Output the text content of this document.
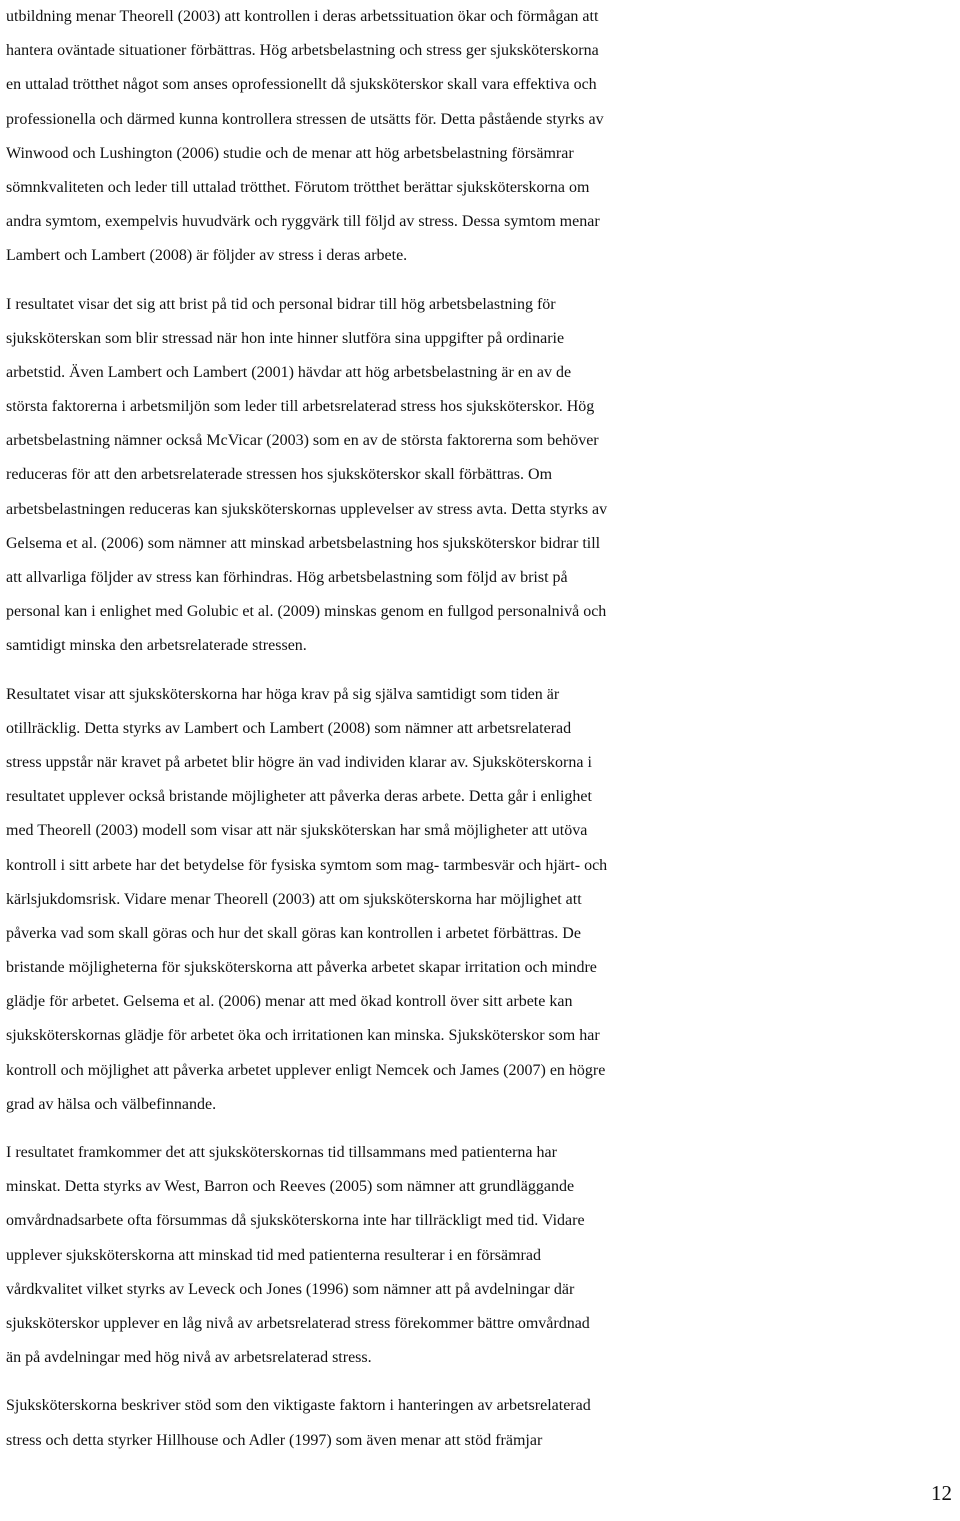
utbildning menar Theorell (2003) att kontrollen i deras arbetssituation ökar och förmågan att
hantera oväntade situationer förbättras. Hög arbetsbelastning och stress ger sjuksköterskorna
en uttalad trötthet något som anses oprofessionellt då sjuksköterskor skall vara effektiva och
professionella och därmed kunna kontrollera stressen de utsätts för. Detta påstående styrks av
Winwood och Lushington (2006) studie och de menar att hög arbetsbelastning försämrar
sömnkvaliteten och leder till uttalad trötthet. Förutom trötthet berättar sjuksköterskorna om
andra symtom, exempelvis huvudvärk och ryggvärk till följd av stress. Dessa symtom menar
Lambert och Lambert (2008) är följder av stress i deras arbete.
I resultatet visar det sig att brist på tid och personal bidrar till hög arbetsbelastning för
sjuksköterskan som blir stressad när hon inte hinner slutföra sina uppgifter på ordinarie
arbetstid. Även Lambert och Lambert (2001) hävdar att hög arbetsbelastning är en av de
största faktorerna i arbetsmiljön som leder till arbetsrelaterad stress hos sjuksköterskor. Hög
arbetsbelastning nämner också McVicar (2003) som en av de största faktorerna som behöver
reduceras för att den arbetsrelaterade stressen hos sjuksköterskor skall förbättras. Om
arbetsbelastningen reduceras kan sjuksköterskornas upplevelser av stress avta. Detta styrks av
Gelsema et al. (2006) som nämner att minskad arbetsbelastning hos sjuksköterskor bidrar till
att allvarliga följder av stress kan förhindras. Hög arbetsbelastning som följd av brist på
personal kan i enlighet med Golubic et al. (2009) minskas genom en fullgod personalnivå och
samtidigt minska den arbetsrelaterade stressen.
Resultatet visar att sjuksköterskorna har höga krav på sig själva samtidigt som tiden är
otillräcklig. Detta styrks av Lambert och Lambert (2008) som nämner att arbetsrelaterad
stress uppstår när kravet på arbetet blir högre än vad individen klarar av. Sjuksköterskorna i
resultatet upplever också bristande möjligheter att påverka deras arbete. Detta går i enlighet
med Theorell (2003) modell som visar att när sjuksköterskan har små möjligheter att utöva
kontroll i sitt arbete har det betydelse för fysiska symtom som mag- tarmbesvär och hjärt- och
kärlsjukdomsrisk. Vidare menar Theorell (2003) att om sjuksköterskorna har möjlighet att
påverka vad som skall göras och hur det skall göras kan kontrollen i arbetet förbättras. De
bristande möjligheterna för sjuksköterskorna att påverka arbetet skapar irritation och mindre
glädje för arbetet. Gelsema et al. (2006) menar att med ökad kontroll över sitt arbete kan
sjuksköterskornas glädje för arbetet öka och irritationen kan minska. Sjuksköterskor som har
kontroll och möjlighet att påverka arbetet upplever enligt Nemcek och James (2007) en högre
grad av hälsa och välbefinnande.
I resultatet framkommer det att sjuksköterskornas tid tillsammans med patienterna har
minskat. Detta styrks av West, Barron och Reeves (2005) som nämner att grundläggande
omvårdnadsarbete ofta försummas då sjuksköterskorna inte har tillräckligt med tid. Vidare
upplever sjuksköterskorna att minskad tid med patienterna resulterar i en försämrad
vårdkvalitet vilket styrks av Leveck och Jones (1996) som nämner att på avdelningar där
sjuksköterskor upplever en låg nivå av arbetsrelaterad stress förekommer bättre omvårdnad
än på avdelningar med hög nivå av arbetsrelaterad stress.
Sjuksköterskorna beskriver stöd som den viktigaste faktorn i hanteringen av arbetsrelaterad
stress och detta styrker Hillhouse och Adler (1997) som även menar att stöd främjar
12
